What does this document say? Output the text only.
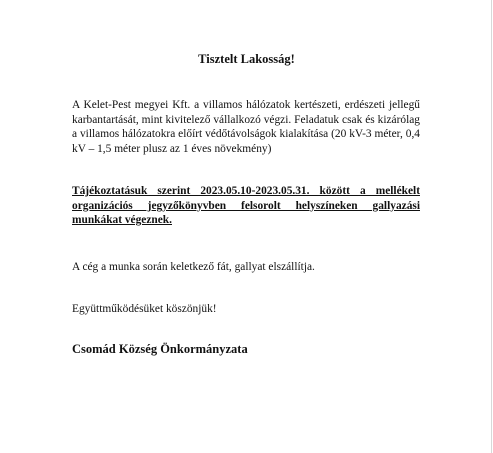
Tisztelt Lakosság!
A Kelet-Pest megyei Kft. a villamos hálózatok kertészeti, erdészeti jellegű karbantartását, mint kivitelező vállalkozó végzi. Feladatuk csak és kizárólag a villamos hálózatokra előírt védőtávolságok kialakítása (20 kV-3 méter, 0,4 kV – 1,5 méter plusz az 1 éves növekmény)
Tájékoztatásuk szerint 2023.05.10-2023.05.31. között a mellékelt organizációs jegyzőkönyvben felsorolt helyszíneken gallyazási munkákat végeznek.
A cég a munka során keletkező fát, gallyat elszállítja.
Együttműködésüket köszönjük!
Csomád Község Önkormányzata
